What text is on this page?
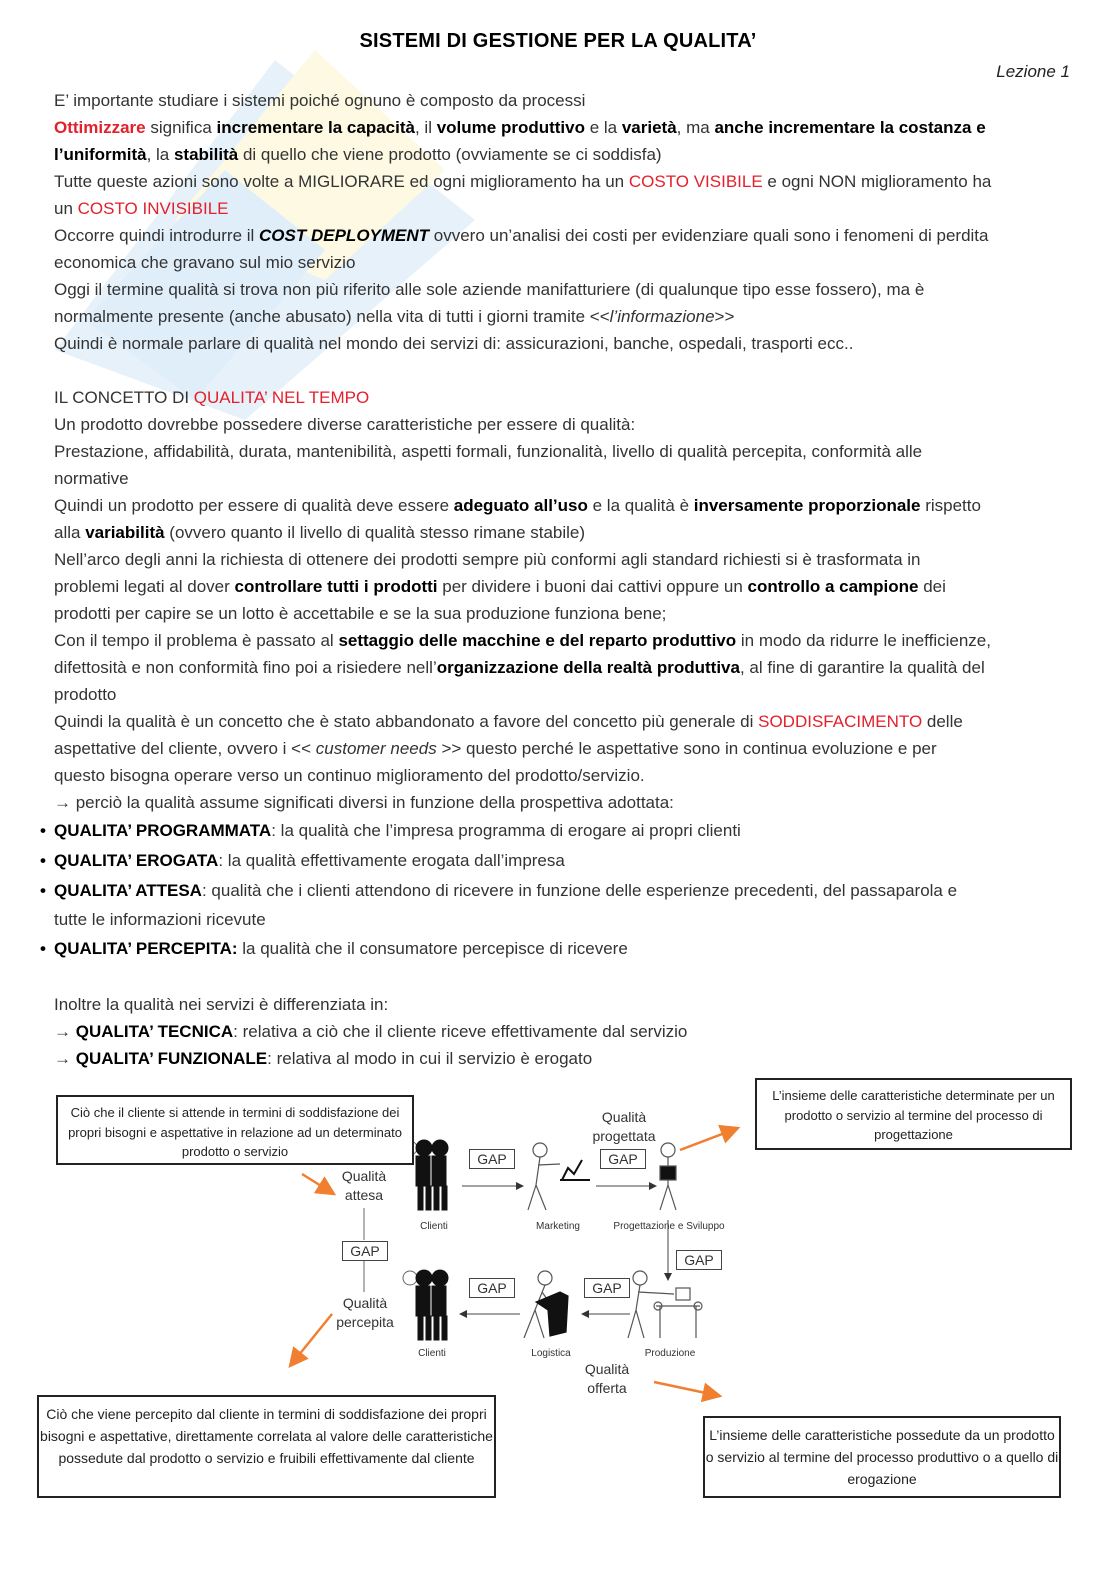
SISTEMI DI GESTIONE PER LA QUALITA’
Lezione 1
E’ importante studiare i sistemi poiché ognuno è composto da processi
Ottimizzare significa incrementare la capacità, il volume produttivo e la varietà, ma anche incrementare la costanza e
l’uniformità, la stabilità di quello che viene prodotto (ovviamente se ci soddisfa)
Tutte queste azioni sono volte a MIGLIORARE ed ogni miglioramento ha un COSTO VISIBILE e ogni NON miglioramento ha
un COSTO INVISIBILE
Occorre quindi introdurre il COST DEPLOYMENT ovvero un’analisi dei costi per evidenziare quali sono i fenomeni di perdita
economica che gravano sul mio servizio
Oggi il termine qualità si trova non più riferito alle sole aziende manifatturiere (di qualunque tipo esse fossero), ma è
normalmente presente (anche abusato) nella vita di tutti i giorni tramite <<l’informazione>>
Quindi è normale parlare di qualità nel mondo dei servizi di: assicurazioni, banche, ospedali, trasporti ecc..
IL CONCETTO DI QUALITA’ NEL TEMPO
Un prodotto dovrebbe possedere diverse caratteristiche per essere di qualità:
Prestazione, affidabilità, durata, mantenibilità, aspetti formali, funzionalità, livello di qualità percepita, conformità alle
normative
Quindi un prodotto per essere di qualità deve essere adeguato all’uso e la qualità è inversamente proporzionale rispetto
alla variabilità (ovvero quanto il livello di qualità stesso rimane stabile)
Nell’arco degli anni la richiesta di ottenere dei prodotti sempre più conformi agli standard richiesti si è trasformata in
problemi legati al dover controllare tutti i prodotti per dividere i buoni dai cattivi oppure un controllo a campione dei
prodotti per capire se un lotto è accettabile e se la sua produzione funziona bene;
Con il tempo il problema è passato al settaggio delle macchine e del reparto produttivo in modo da ridurre le inefficienze,
difettosità e non conformità fino poi a risiedere nell’organizzazione della realtà produttiva, al fine di garantire la qualità del
prodotto
Quindi la qualità è un concetto che è stato abbandonato a favore del concetto più generale di SODDISFACIMENTO delle
aspettative del cliente, ovvero i << customer needs >> questo perché le aspettative sono in continua evoluzione e per
questo bisogna operare verso un continuo miglioramento del prodotto/servizio.
→ perciò la qualità assume significati diversi in funzione della prospettiva adottata:
• QUALITA’ PROGRAMMATA: la qualità che l’impresa programma di erogare ai propri clienti
• QUALITA’ EROGATA: la qualità effettivamente erogata dall’impresa
• QUALITA’ ATTESA: qualità che i clienti attendono di ricevere in funzione delle esperienze precedenti, del passaparola e
tutte le informazioni ricevute
• QUALITA’ PERCEPITA: la qualità che il consumatore percepisce di ricevere
Inoltre la qualità nei servizi è differenziata in:
→ QUALITA’ TECNICA: relativa a ciò che il cliente riceve effettivamente dal servizio
→ QUALITA’ FUNZIONALE: relativa al modo in cui il servizio è erogato
Ciò che il cliente si attende in termini di soddisfazione dei propri bisogni e aspettative in relazione ad un determinato prodotto o servizio
L’insieme delle caratteristiche determinate per un prodotto o servizio al termine del processo di progettazione
Ciò che viene percepito dal cliente in termini di soddisfazione dei propri bisogni e aspettative, direttamente correlata al valore delle caratteristiche possedute dal prodotto o servizio e fruibili effettivamente dal cliente
L’insieme delle caratteristiche possedute da un prodotto o servizio al termine del processo produttivo o a quello di erogazione
Qualità
attesa
Qualità
progettata
Qualità
percepita
Qualità
offerta
GAP	GAP
GAP
GAP
GAP	GAP
Clienti	Marketing	Progettazione e Sviluppo
Clienti	Logistica	Produzione
